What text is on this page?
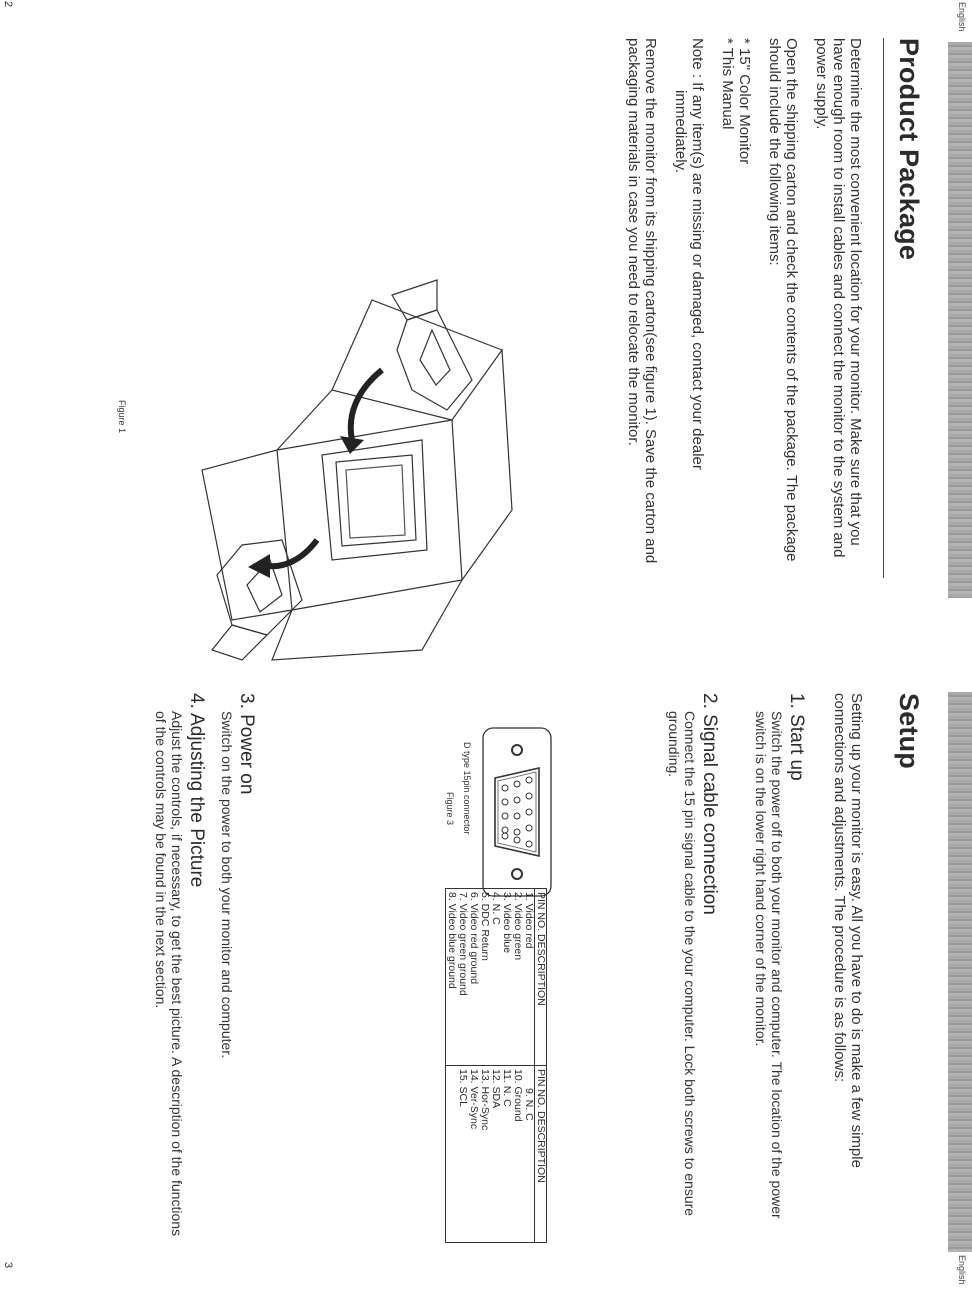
English
Product Package

Determine the most convenient location for your monitor. Make sure that you have enough room to install cables and connect the monitor to the system and power supply.

Open the shipping carton and check the contents of the package. The package should include the following items:

* 15" Color Monitor
* This Manual
Note : If any item(s) are missing or damaged, contact your dealer
immediately.

Remove the monitor from its shipping carton(see figure 1). Save the carton and packaging materials in case you need to relocate the monitor.

Figure 1
2
English
Setup
Setting up your monitor is easy. All you have to do is make a few simple connections and adjustments. The procedure is as follows:
1. Start up
Switch the power off to both your monitor and computer. The location of the power switch is on the lower right hand corner of the monitor.
2. Signal cable connection
Connect the 15 pin signal cable to the your computer. Lock both screws to ensure grounding.
D type 15pin connector
Figure 3
PIN NO. DESCRIPTION	PIN NO. DESCRIPTION
1. Video red	9. N. C
2. Video green	10. Ground
3. Video blue	11. N. C
4. N. C	12. SDA
5. DDC Return	13. Hor-Sync
6. Video red ground	14. Ver-Sync
7. Video green ground	15. SCL
8. Video blue ground	
3. Power on
Switch on the power to both your monitor and computer.
4. Adjusting the Picture
Adjust the controls, if necessary, to get the best picture. A description of the functions of the controls may be found in the next section.
3
